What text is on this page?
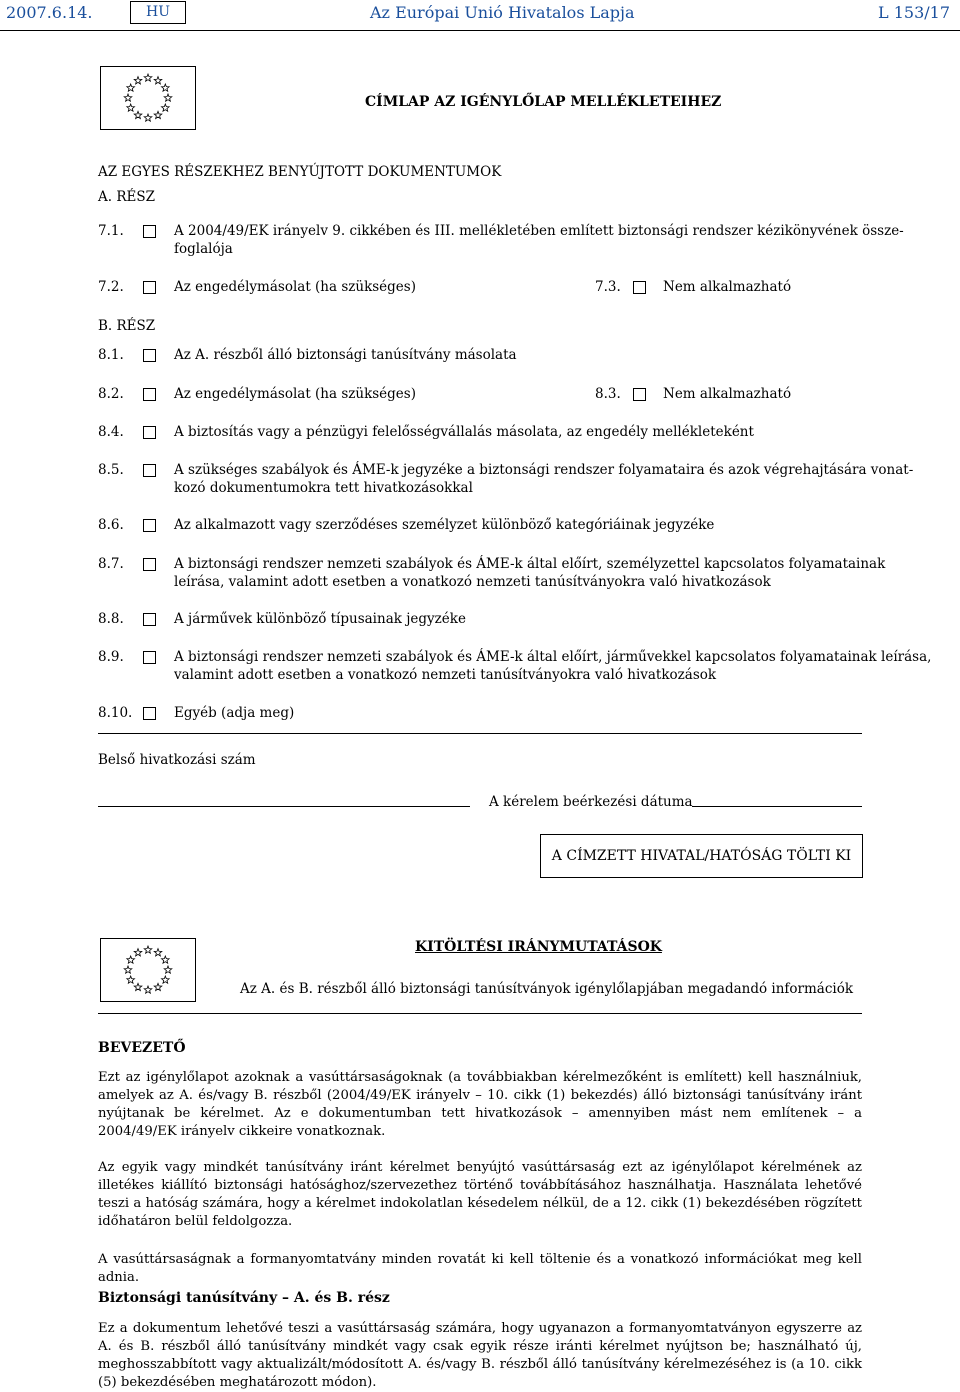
2007.6.14.	HU	Az Európai Unió Hivatalos Lapja	L 153/17
CÍMLAP AZ IGÉNYLŐLAP MELLÉKLETEIHEZ
AZ EGYES RÉSZEKHEZ BENYÚJTOTT DOKUMENTUMOK
A. RÉSZ
7.1.	A 2004/49/EK irányelv 9. cikkében és III. mellékletében említett biztonsági rendszer kézikönyvének össze-
foglalója
7.2.	Az engedélymásolat (ha szükséges)	7.3.	Nem alkalmazható
B. RÉSZ
8.1.	Az A. részből álló biztonsági tanúsítvány másolata
8.2.	Az engedélymásolat (ha szükséges)	8.3.	Nem alkalmazható
8.4.	A biztosítás vagy a pénzügyi felelősségvállalás másolata, az engedély mellékleteként
8.5.	A szükséges szabályok és ÁME-k jegyzéke a biztonsági rendszer folyamataira és azok végrehajtására vonat-
kozó dokumentumokra tett hivatkozásokkal
8.6.	Az alkalmazott vagy szerződéses személyzet különböző kategóriáinak jegyzéke
8.7.	A biztonsági rendszer nemzeti szabályok és ÁME-k által előírt, személyzettel kapcsolatos folyamatainak
leírása, valamint adott esetben a vonatkozó nemzeti tanúsítványokra való hivatkozások
8.8.	A járművek különböző típusainak jegyzéke
8.9.	A biztonsági rendszer nemzeti szabályok és ÁME-k által előírt, járművekkel kapcsolatos folyamatainak leírása,
valamint adott esetben a vonatkozó nemzeti tanúsítványokra való hivatkozások
8.10.	Egyéb (adja meg)
Belső hivatkozási szám
A kérelem beérkezési dátuma
A CÍMZETT HIVATAL/HATÓSÁG TÖLTI KI
KITÖLTÉSI IRÁNYMUTATÁSOK
Az A. és B. részből álló biztonsági tanúsítványok igénylőlapjában megadandó információk
BEVEZETŐ
Ezt az igénylőlapot azoknak a vasúttársaságoknak (a továbbiakban kérelmezőként is említett) kell használniuk, amelyek az A. és/vagy B. részből (2004/49/EK irányelv – 10. cikk (1) bekezdés) álló biztonsági tanúsítvány iránt nyújtanak be kérelmet. Az e dokumentumban tett hivatkozások – amennyiben mást nem említenek – a 2004/49/EK irányelv cikkeire vonatkoznak.
Az egyik vagy mindkét tanúsítvány iránt kérelmet benyújtó vasúttársaság ezt az igénylőlapot kérelmének az illetékes kiállító biztonsági hatósághoz/szervezethez történő továbbításához használhatja. Használata lehetővé teszi a hatóság számára, hogy a kérelmet indokolatlan késedelem nélkül, de a 12. cikk (1) bekezdésében rögzített időhatáron belül feldolgozza.
A vasúttársaságnak a formanyomtatvány minden rovatát ki kell töltenie és a vonatkozó információkat meg kell adnia.
Biztonsági tanúsítvány – A. és B. rész
Ez a dokumentum lehetővé teszi a vasúttársaság számára, hogy ugyanazon a formanyomtatványon egyszerre az A. és B. részből álló tanúsítvány mindkét vagy csak egyik része iránti kérelmet nyújtson be; használható új, meghosszabbított vagy aktualizált/módosított A. és/vagy B. részből álló tanúsítvány kérelmezéséhez is (a 10. cikk (5) bekezdésében meghatározott módon).
